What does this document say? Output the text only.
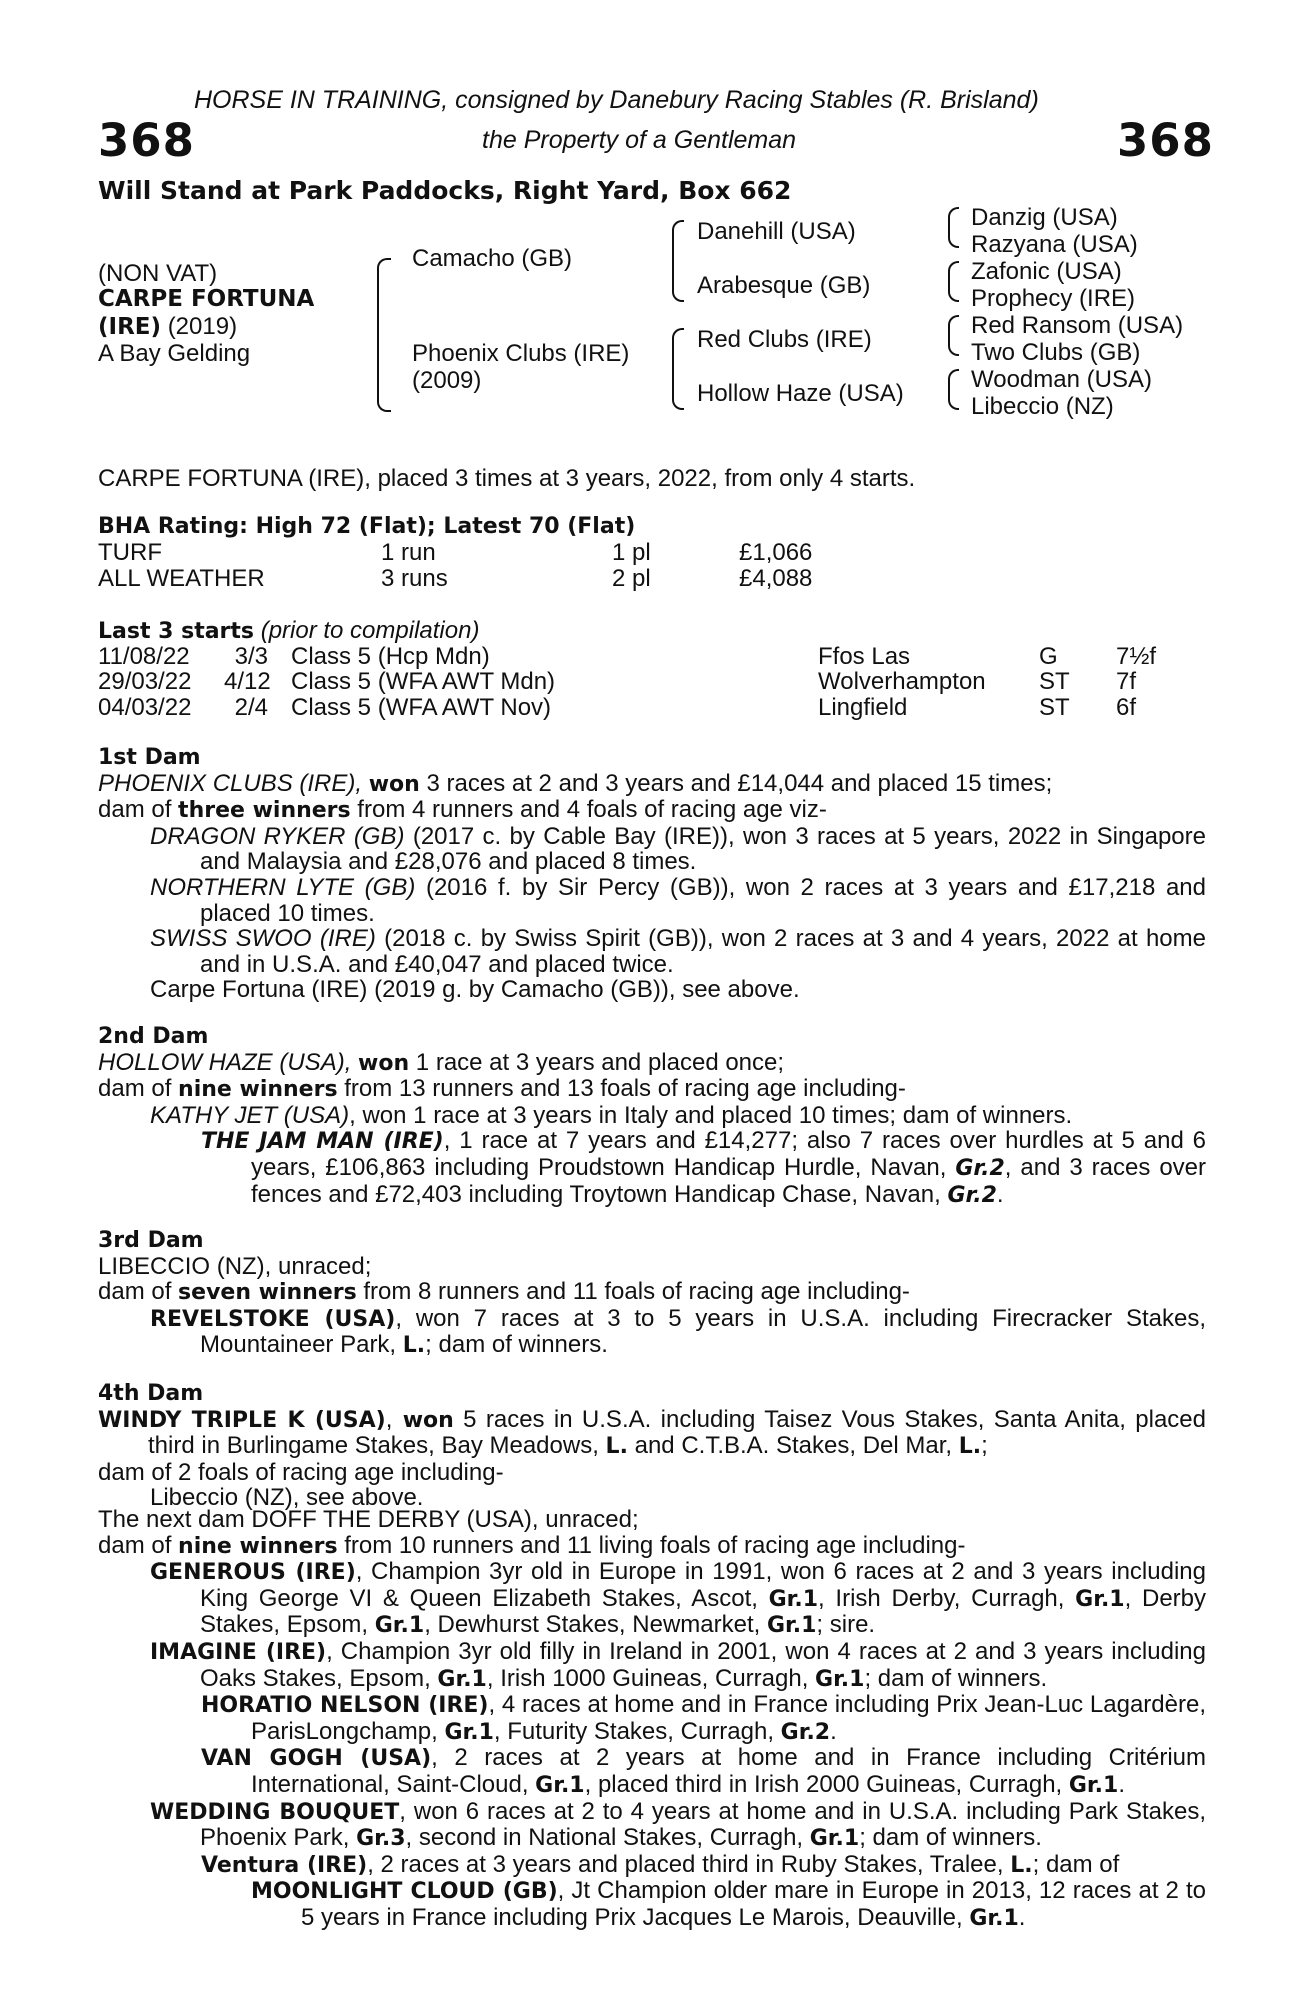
HORSE IN TRAINING, consigned by Danebury Racing Stables (R. Brisland)
368	the Property of a Gentleman	368
Will Stand at Park Paddocks, Right Yard, Box 662
(NON VAT)
CARPE FORTUNA
(IRE) (2019)
A Bay Gelding
Camacho (GB)
Phoenix Clubs (IRE)
(2009)
Danehill (USA)
Arabesque (GB)
Red Clubs (IRE)
Hollow Haze (USA)
Danzig (USA)
Razyana (USA)
Zafonic (USA)
Prophecy (IRE)
Red Ransom (USA)
Two Clubs (GB)
Woodman (USA)
Libeccio (NZ)
CARPE FORTUNA (IRE), placed 3 times at 3 years, 2022, from only 4 starts.
BHA Rating: High 72 (Flat); Latest 70 (Flat)
TURF	1 run	1 pl	£1,066
ALL WEATHER	3 runs	2 pl	£4,088
Last 3 starts (prior to compilation)
11/08/22 3/3 Class 5 (Hcp Mdn)	Ffos Las	G 7½f
29/03/22 4/12 Class 5 (WFA AWT Mdn)	Wolverhampton ST 7f
04/03/22 2/4 Class 5 (WFA AWT Nov)	Lingfield	ST 6f
1st Dam
PHOENIX CLUBS (IRE), won 3 races at 2 and 3 years and £14,044 and placed 15 times;
dam of three winners from 4 runners and 4 foals of racing age viz-
DRAGON RYKER (GB) (2017 c. by Cable Bay (IRE)), won 3 races at 5 years, 2022 in Singapore and Malaysia and £28,076 and placed 8 times.
NORTHERN LYTE (GB) (2016 f. by Sir Percy (GB)), won 2 races at 3 years and £17,218 and placed 10 times.
SWISS SWOO (IRE) (2018 c. by Swiss Spirit (GB)), won 2 races at 3 and 4 years, 2022 at home and in U.S.A. and £40,047 and placed twice.
Carpe Fortuna (IRE) (2019 g. by Camacho (GB)), see above.
2nd Dam
HOLLOW HAZE (USA), won 1 race at 3 years and placed once;
dam of nine winners from 13 runners and 13 foals of racing age including-
KATHY JET (USA), won 1 race at 3 years in Italy and placed 10 times; dam of winners.
THE JAM MAN (IRE), 1 race at 7 years and £14,277; also 7 races over hurdles at 5 and 6 years, £106,863 including Proudstown Handicap Hurdle, Navan, Gr.2, and 3 races over fences and £72,403 including Troytown Handicap Chase, Navan, Gr.2.
3rd Dam
LIBECCIO (NZ), unraced;
dam of seven winners from 8 runners and 11 foals of racing age including-
REVELSTOKE (USA), won 7 races at 3 to 5 years in U.S.A. including Firecracker Stakes, Mountaineer Park, L.; dam of winners.
4th Dam
WINDY TRIPLE K (USA), won 5 races in U.S.A. including Taisez Vous Stakes, Santa Anita, placed third in Burlingame Stakes, Bay Meadows, L. and C.T.B.A. Stakes, Del Mar, L.;
dam of 2 foals of racing age including-
Libeccio (NZ), see above.
The next dam DOFF THE DERBY (USA), unraced;
dam of nine winners from 10 runners and 11 living foals of racing age including-
GENEROUS (IRE), Champion 3yr old in Europe in 1991, won 6 races at 2 and 3 years including King George VI & Queen Elizabeth Stakes, Ascot, Gr.1, Irish Derby, Curragh, Gr.1, Derby Stakes, Epsom, Gr.1, Dewhurst Stakes, Newmarket, Gr.1; sire.
IMAGINE (IRE), Champion 3yr old filly in Ireland in 2001, won 4 races at 2 and 3 years including Oaks Stakes, Epsom, Gr.1, Irish 1000 Guineas, Curragh, Gr.1; dam of winners.
HORATIO NELSON (IRE), 4 races at home and in France including Prix Jean-Luc Lagardère, ParisLongchamp, Gr.1, Futurity Stakes, Curragh, Gr.2.
VAN GOGH (USA), 2 races at 2 years at home and in France including Critérium International, Saint-Cloud, Gr.1, placed third in Irish 2000 Guineas, Curragh, Gr.1.
WEDDING BOUQUET, won 6 races at 2 to 4 years at home and in U.S.A. including Park Stakes, Phoenix Park, Gr.3, second in National Stakes, Curragh, Gr.1; dam of winners.
Ventura (IRE), 2 races at 3 years and placed third in Ruby Stakes, Tralee, L.; dam of
MOONLIGHT CLOUD (GB), Jt Champion older mare in Europe in 2013, 12 races at 2 to 5 years in France including Prix Jacques Le Marois, Deauville, Gr.1.
